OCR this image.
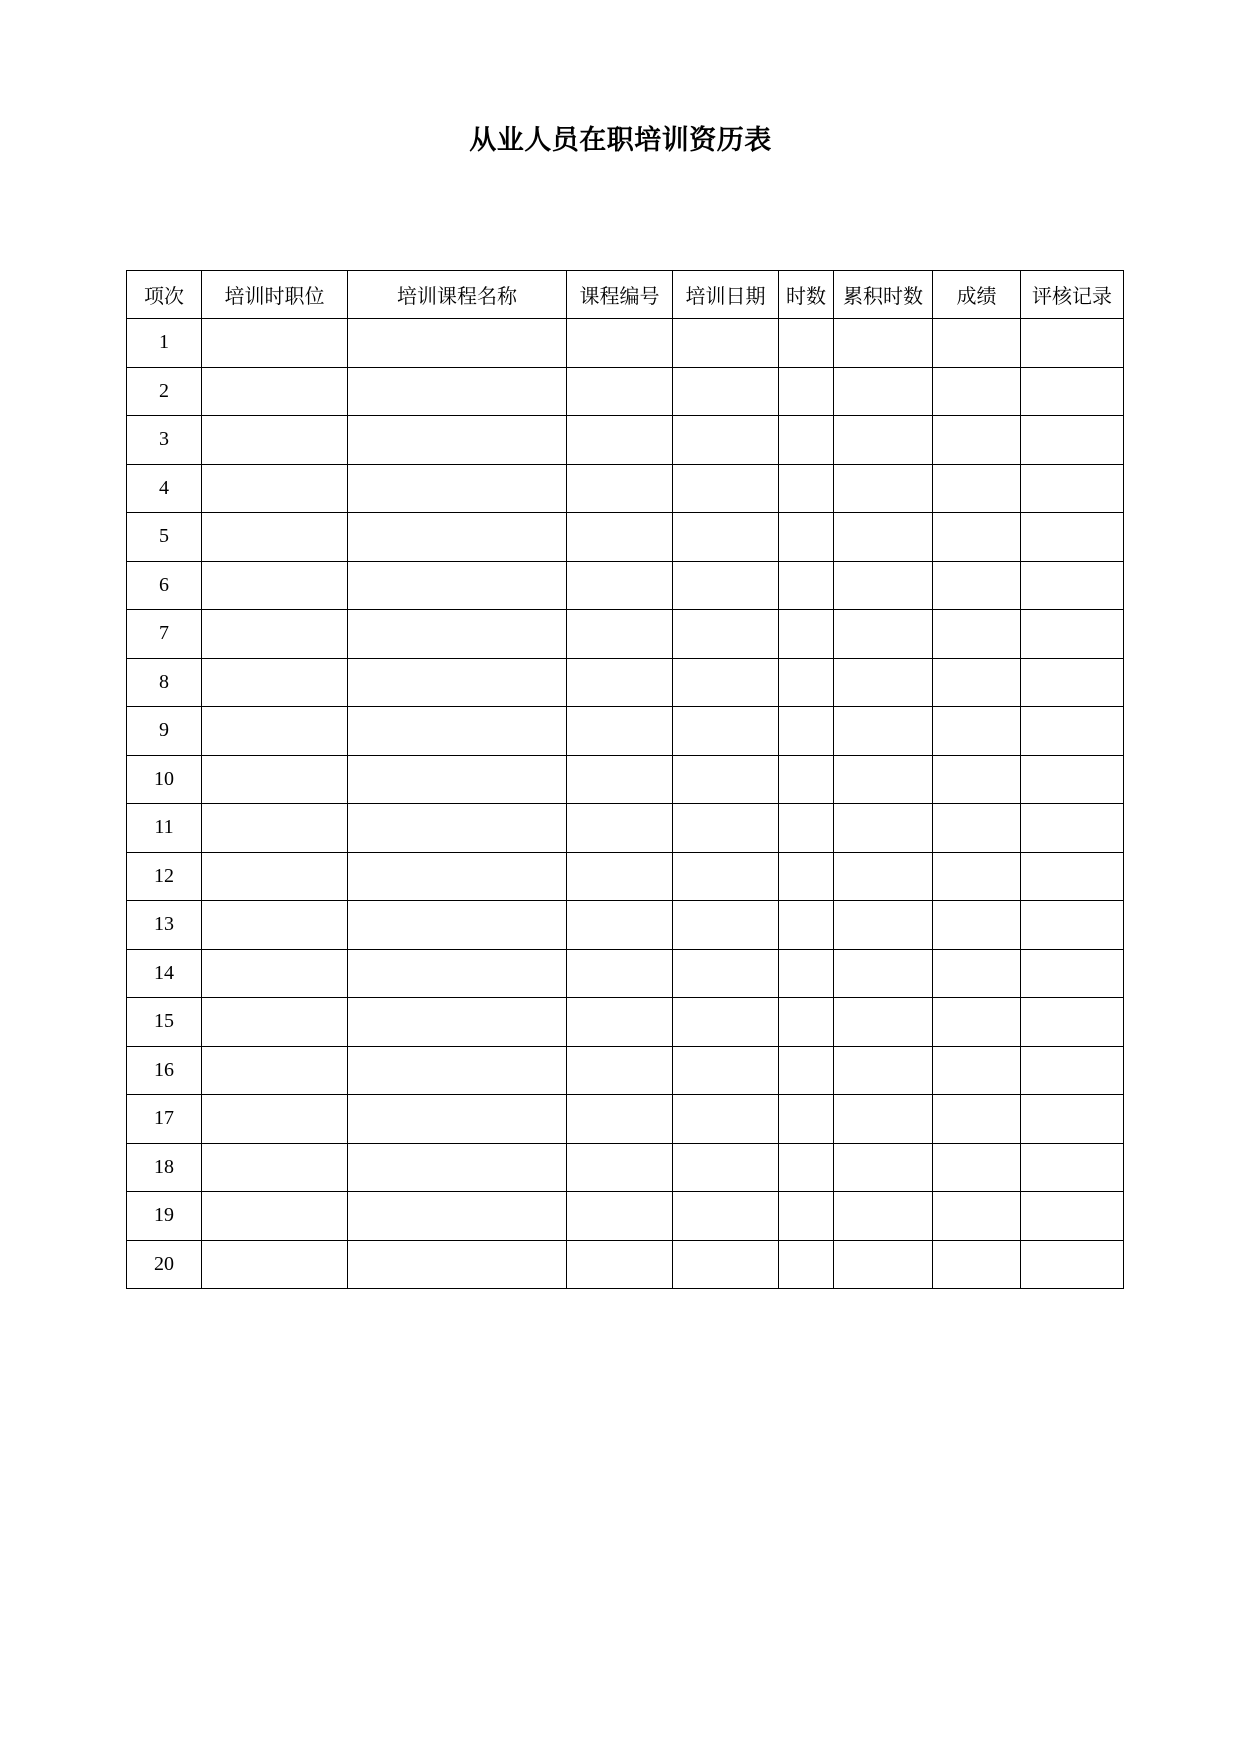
从业人员在职培训资历表
项次	培训时职位	培训课程名称	课程编号	培训日期	时数	累积时数	成绩	评核记录
1								
2								
3								
4								
5								
6								
7								
8								
9								
10								
11								
12								
13								
14								
15								
16								
17								
18								
19								
20								
